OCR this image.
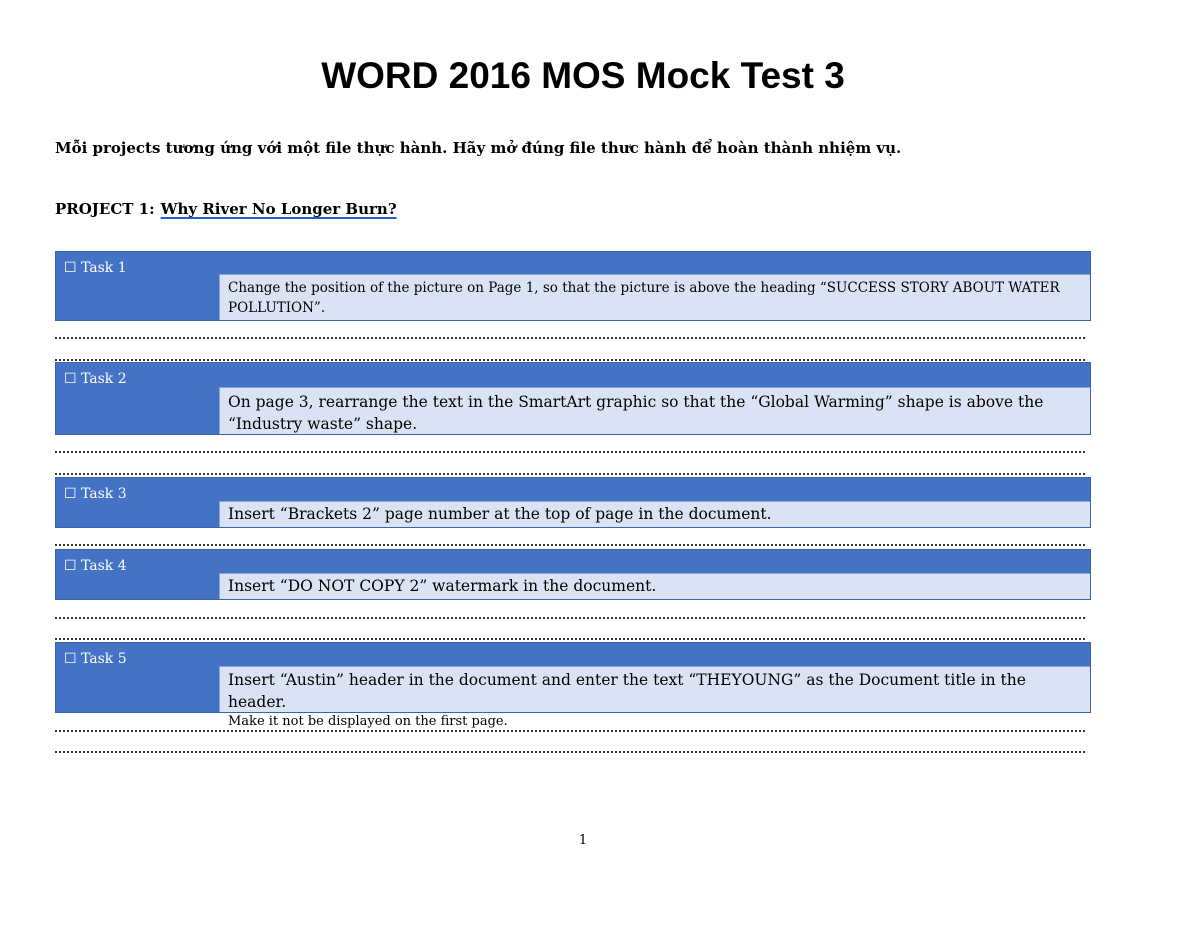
WORD 2016 MOS Mock Test 3
Mỗi projects tương ứng với một file thực hành. Hãy mở đúng file thưc hành để hoàn thành nhiệm vụ.
PROJECT 1: Why River No Longer Burn?
☐ Task 1
Change the position of the picture on Page 1, so that the picture is above the heading “SUCCESS STORY ABOUT WATER POLLUTION”.
☐ Task 2
On page 3, rearrange the text in the SmartArt graphic so that the “Global Warming” shape is above the “Industry waste” shape.
☐ Task 3
Insert “Brackets 2” page number at the top of page in the document.
☐ Task 4
Insert “DO NOT COPY 2” watermark in the document.
☐ Task 5
Insert “Austin” header in the document and enter the text “THEYOUNG” as the Document title in the header.
Make it not be displayed on the first page.
1
